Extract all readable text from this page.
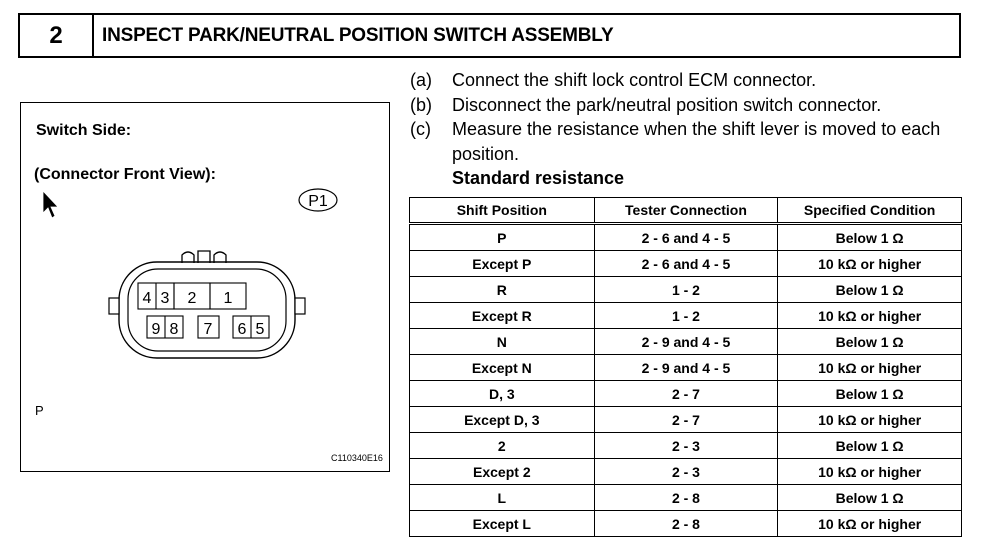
2	INSPECT PARK/NEUTRAL POSITION SWITCH ASSEMBLY
Switch Side:
(Connector Front View):
P1
4 3 2 1
9 8 7 6 5
P
C110340E16
(a)	Connect the shift lock control ECM connector.
(b)	Disconnect the park/neutral position switch connector.
(c)	Measure the resistance when the shift lever is moved to each position.
Standard resistance
Shift Position	Tester Connection	Specified Condition
P	2 - 6 and 4 - 5	Below 1 Ω
Except P	2 - 6 and 4 - 5	10 kΩ or higher
R	1 - 2	Below 1 Ω
Except R	1 - 2	10 kΩ or higher
N	2 - 9 and 4 - 5	Below 1 Ω
Except N	2 - 9 and 4 - 5	10 kΩ or higher
D, 3	2 - 7	Below 1 Ω
Except D, 3	2 - 7	10 kΩ or higher
2	2 - 3	Below 1 Ω
Except 2	2 - 3	10 kΩ or higher
L	2 - 8	Below 1 Ω
Except L	2 - 8	10 kΩ or higher
